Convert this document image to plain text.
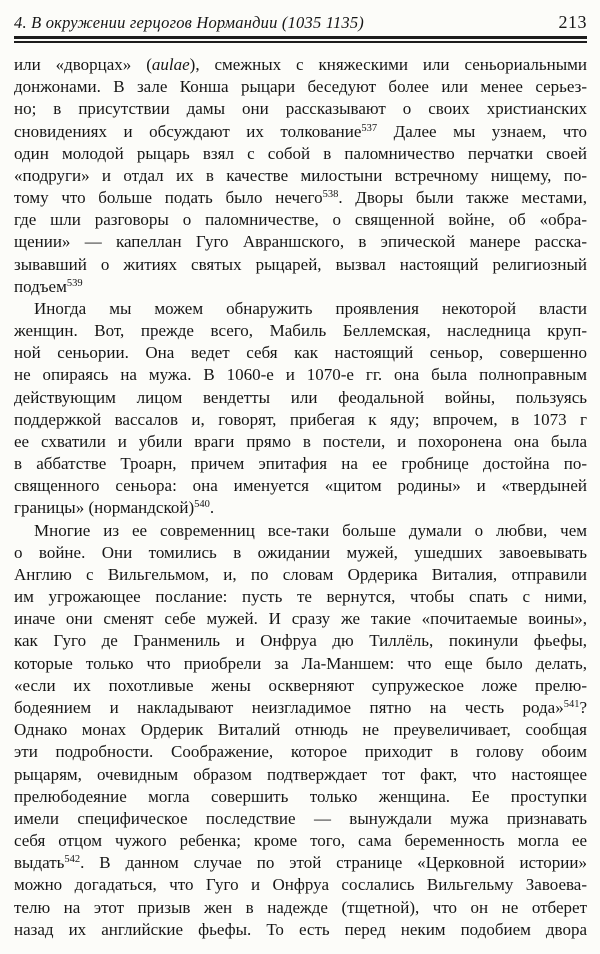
4. В окружении герцогов Нормандии (1035 1135)	213
или «дворцах» (aulae), смежных с княжескими или сеньориальными
донжонами. В зале Конша рыцари беседуют более или менее серьез-
но; в присутствии дамы они рассказывают о своих христианских
сновидениях и обсуждают их толкование$^{537}$ Далее мы узнаем, что
один молодой рыцарь взял с собой в паломничество перчатки своей
«подруги» и отдал их в качестве милостыни встречному нищему, по-
тому что больше подать было нечего$^{538}$. Дворы были также местами,
где шли разговоры о паломничестве, о священной войне, об «обра-
щении» — капеллан Гуго Авраншского, в эпической манере расска-
зывавший о житиях святых рыцарей, вызвал настоящий религиозный
подъем$^{539}$
Иногда мы можем обнаружить проявления некоторой власти
женщин. Вот, прежде всего, Мабиль Беллемская, наследница круп-
ной сеньории. Она ведет себя как настоящий сеньор, совершенно
не опираясь на мужа. В 1060-е и 1070-е гг. она была полноправным
действующим лицом вендетты или феодальной войны, пользуясь
поддержкой вассалов и, говорят, прибегая к яду; впрочем, в 1073 г
ее схватили и убили враги прямо в постели, и похоронена она была
в аббатстве Троарн, причем эпитафия на ее гробнице достойна по-
священного сеньора: она именуется «щитом родины» и «твердыней
границы» (нормандской)$^{540}$.
Многие из ее современниц все-таки больше думали о любви, чем
о войне. Они томились в ожидании мужей, ушедших завоевывать
Англию с Вильгельмом, и, по словам Ордерика Виталия, отправили
им угрожающее послание: пусть те вернутся, чтобы спать с ними,
иначе они сменят себе мужей. И сразу же такие «почитаемые воины»,
как Гуго де Гранмениль и Онфруа дю Тиллёль, покинули фьефы,
которые только что приобрели за Ла-Маншем: что еще было делать,
«если их похотливые жены оскверняют супружеское ложе прелю-
бодеянием и накладывают неизгладимое пятно на честь рода»$^{541}$?
Однако монах Ордерик Виталий отнюдь не преувеличивает, сообщая
эти подробности. Соображение, которое приходит в голову обоим
рыцарям, очевидным образом подтверждает тот факт, что настоящее
прелюбодеяние могла совершить только женщина. Ее проступки
имели специфическое последствие — вынуждали мужа признавать
себя отцом чужого ребенка; кроме того, сама беременность могла ее
выдать$^{542}$. В данном случае по этой странице «Церковной истории»
можно догадаться, что Гуго и Онфруа сослались Вильгельму Завоева-
телю на этот призыв жен в надежде (тщетной), что он не отберет
назад их английские фьефы. То есть перед неким подобием двора
